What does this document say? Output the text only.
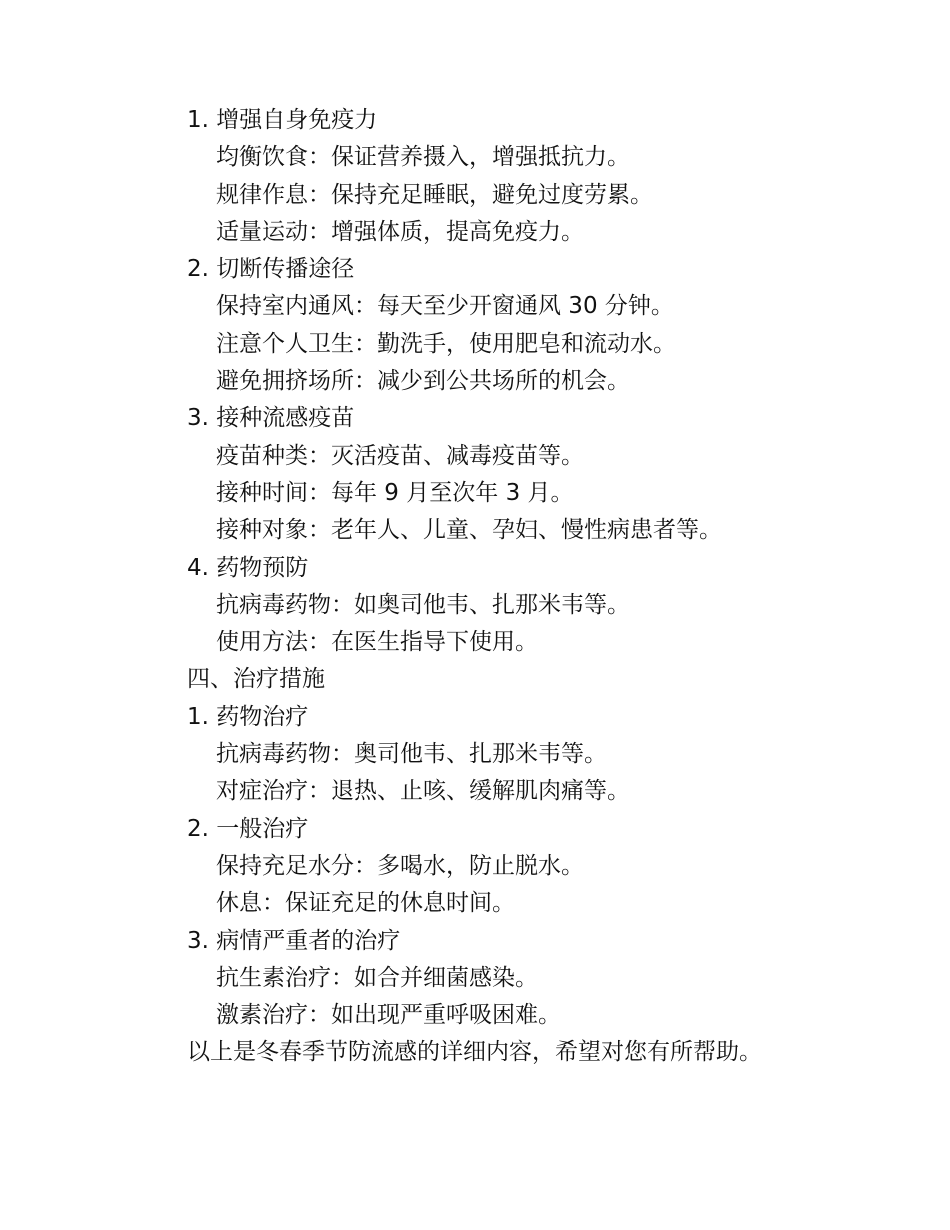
1. 增强自身免疫力
均衡饮食：保证营养摄入，增强抵抗力。
规律作息：保持充足睡眠，避免过度劳累。
适量运动：增强体质，提高免疫力。
2. 切断传播途径
保持室内通风：每天至少开窗通风 30 分钟。
注意个人卫生：勤洗手，使用肥皂和流动水。
避免拥挤场所：减少到公共场所的机会。
3. 接种流感疫苗
疫苗种类：灭活疫苗、减毒疫苗等。
接种时间：每年 9 月至次年 3 月。
接种对象：老年人、儿童、孕妇、慢性病患者等。
4. 药物预防
抗病毒药物：如奥司他韦、扎那米韦等。
使用方法：在医生指导下使用。
四、治疗措施
1. 药物治疗
抗病毒药物：奥司他韦、扎那米韦等。
对症治疗：退热、止咳、缓解肌肉痛等。
2. 一般治疗
保持充足水分：多喝水，防止脱水。
休息：保证充足的休息时间。
3. 病情严重者的治疗
抗生素治疗：如合并细菌感染。
激素治疗：如出现严重呼吸困难。
以上是冬春季节防流感的详细内容，希望对您有所帮助。
